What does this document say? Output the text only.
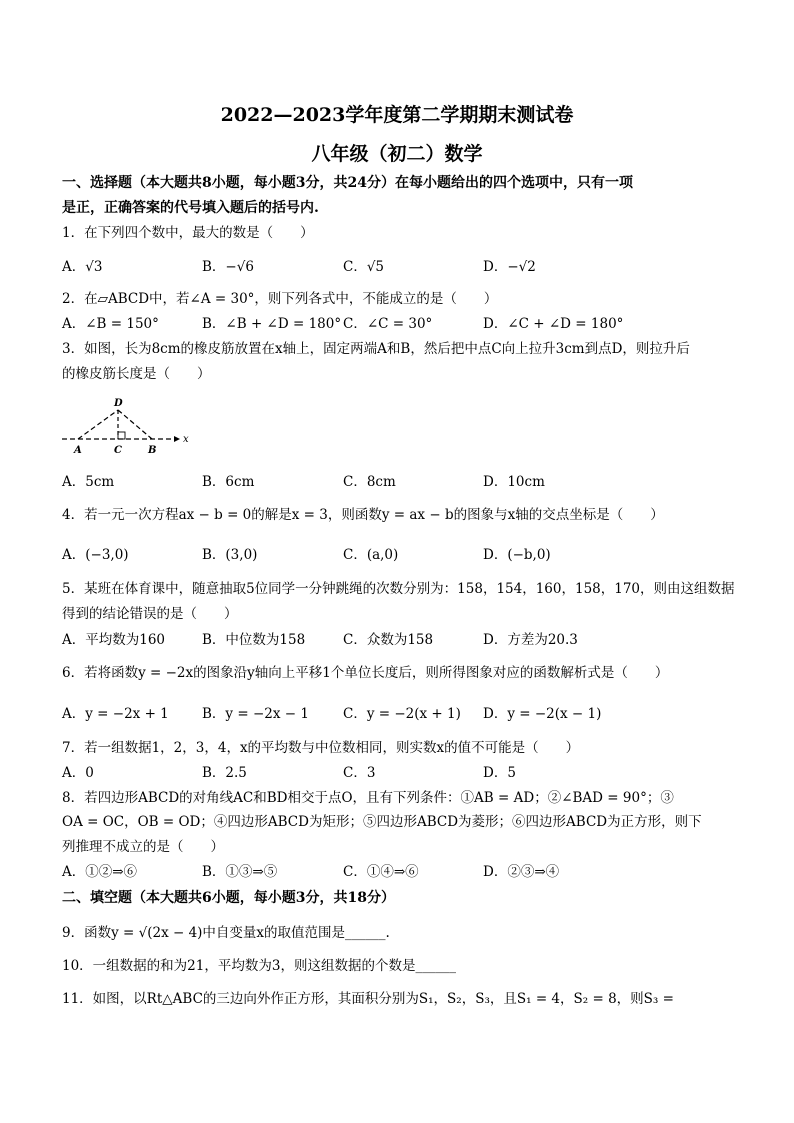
2022—2023学年度第二学期期末测试卷
八年级（初二）数学
一、选择题（本大题共8小题，每小题3分，共24分）在每小题给出的四个选项中，只有一项
是正，正确答案的代号填入题后的括号内.
1．在下列四个数中，最大的数是（　　）
A．√3	B．−√6	C．√5	D．−√2
2．在▱ABCD中，若∠A = 30°，则下列各式中，不能成立的是（　　）
A．∠B = 150°	B．∠B + ∠D = 180° C．∠C = 30°	D．∠C + ∠D = 180°
3．如图，长为8cm的橡皮筋放置在x轴上，固定两端A和B，然后把中点C向上拉升3cm到点D，则拉升后
的橡皮筋长度是（　　）
D
A	C	B
x
A．5cm	B．6cm	C．8cm	D．10cm
4．若一元一次方程ax − b = 0的解是x = 3，则函数y = ax − b的图象与x轴的交点坐标是（　　）
A．(−3,0)	B．(3,0)	C．(a,0)	D．(−b,0)
5．某班在体育课中，随意抽取5位同学一分钟跳绳的次数分别为：158，154，160，158，170，则由这组数据
得到的结论错误的是（　　）
A．平均数为160	B．中位数为158	C．众数为158	D．方差为20.3
6．若将函数y = −2x的图象沿y轴向上平移1个单位长度后，则所得图象对应的函数解析式是（　　）
A．y = −2x + 1 B．y = −2x − 1	C．y = −2(x + 1) D．y = −2(x − 1)
7．若一组数据1，2，3，4，x的平均数与中位数相同，则实数x的值不可能是（　　）
A．0	B．2.5	C．3	D．5
8．若四边形ABCD的对角线AC和BD相交于点O，且有下列条件：①AB = AD；②∠BAD = 90°；③
OA = OC，OB = OD；④四边形ABCD为矩形；⑤四边形ABCD为菱形；⑥四边形ABCD为正方形，则下
列推理不成立的是（　　）
A．①②⇒⑥	B．①③⇒⑤	C．①④⇒⑥	D．②③⇒④
二、填空题（本大题共6小题，每小题3分，共18分）
9．函数y = √(2x − 4)中自变量x的取值范围是______.
10．一组数据的和为21，平均数为3，则这组数据的个数是______
11．如图，以Rt△ABC的三边向外作正方形，其面积分别为S₁，S₂，S₃，且S₁ = 4，S₂ = 8，则S₃ =
